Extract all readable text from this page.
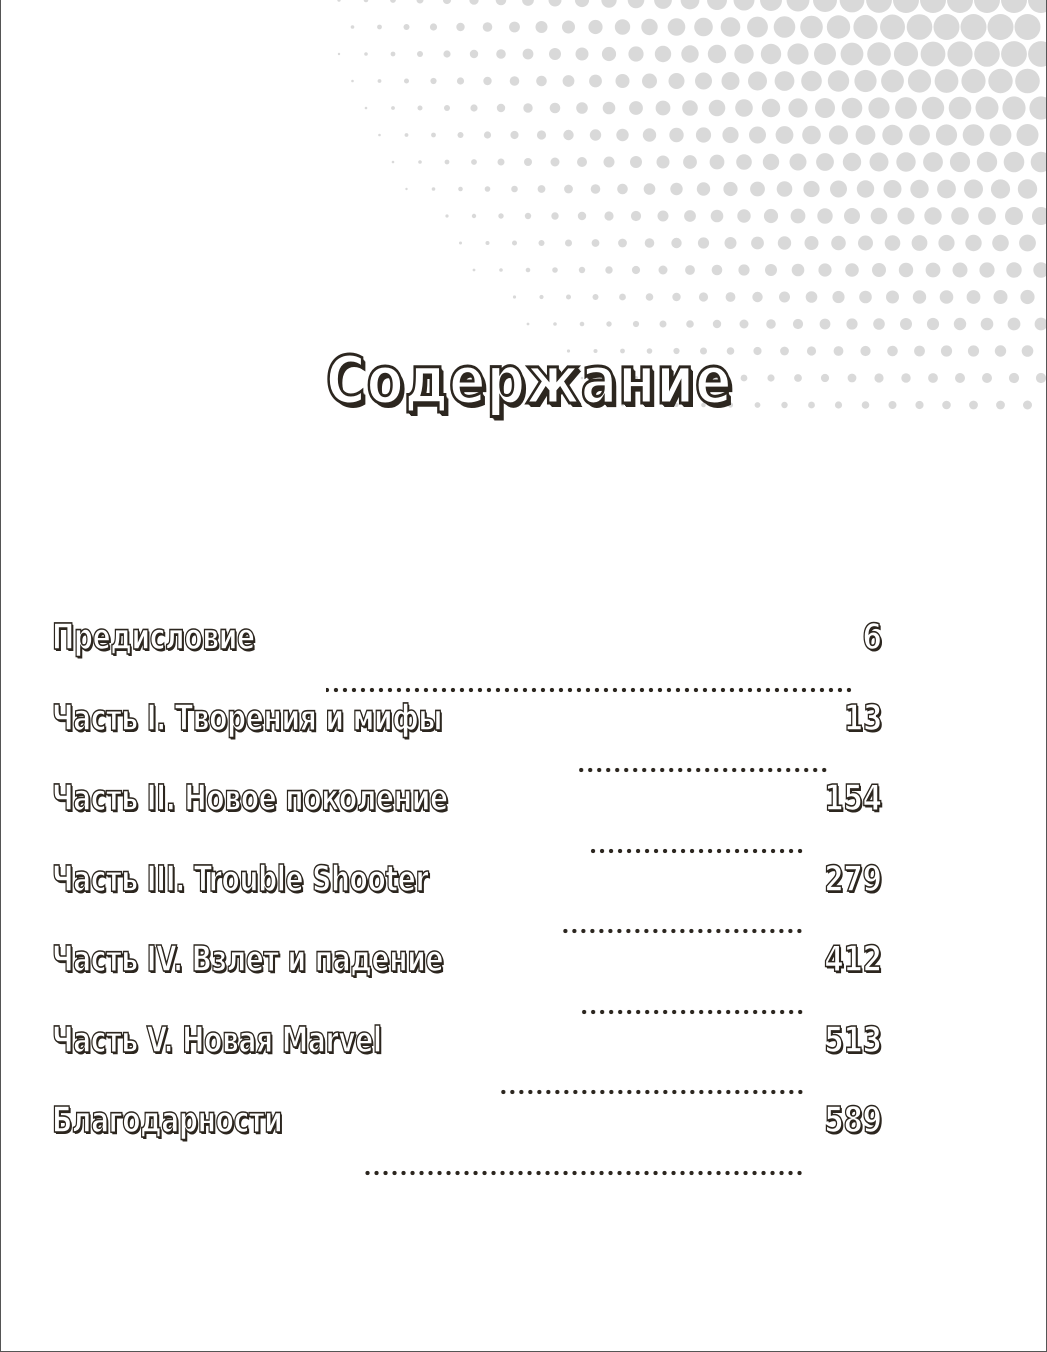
Содержание
Предисловие	6
Часть I. Творения и мифы	13
Часть II. Новое поколение	154
Часть III. Trouble Shooter	279
Часть IV. Взлет и падение	412
Часть V. Новая Marvel	513
Благодарности	589
